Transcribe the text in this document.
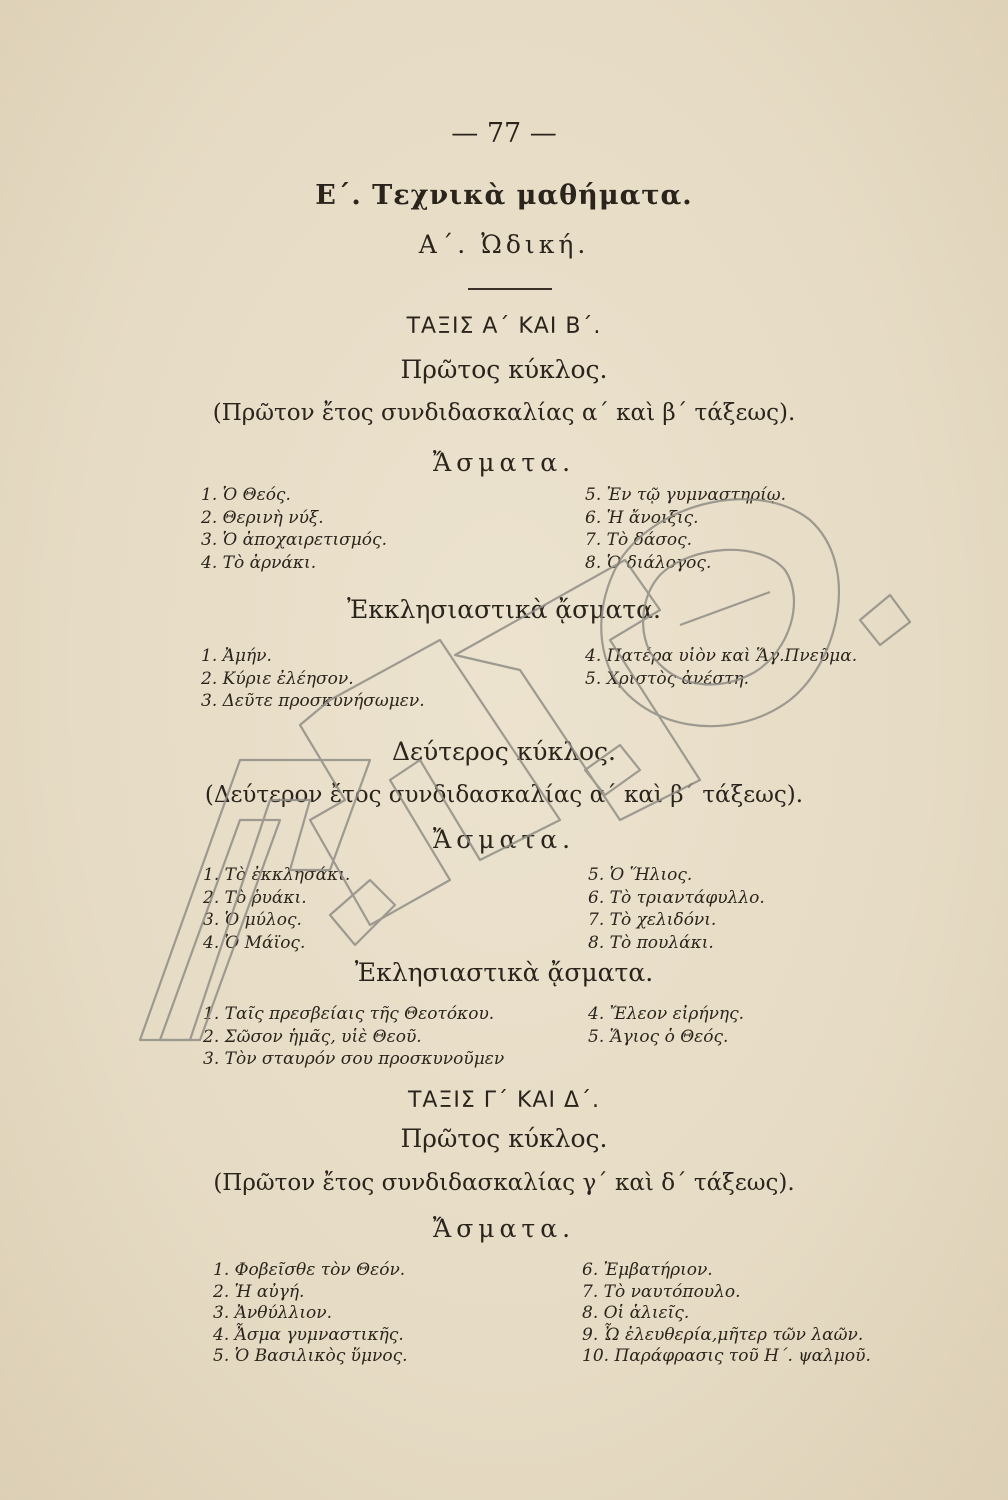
— 77 —
Ε΄. Τεχνικὰ μαθήματα.
Α΄. Ὠδική.
ΤΑΞΙΣ Α΄ ΚΑΙ Β΄.
Πρῶτος κύκλος.
(Πρῶτον ἔτος συνδιδασκαλίας α΄ καὶ β΄ τάξεως).
Ἄσματα.
1. Ὁ Θεός.
2. Θερινὴ νύξ.
3. Ὁ ἀποχαιρετισμός.
4. Τὸ ἀρνάκι.
5. Ἐν τῷ γυμναστηρίῳ.
6. Ἡ ἄνοιξις.
7. Τὸ δάσος.
8. Ὁ διάλογος.
Ἐκκλησιαστικὰ ᾄσματα.
1. Ἀμήν.
2. Κύριε ἐλέησον.
3. Δεῦτε προσκυνήσωμεν.
4. Πατέρα υἱὸν καὶ Ἅγ.Πνεῦμα.
5. Χριστὸς ἀνέστη.
Δεύτερος κύκλος.
(Δεύτερον ἔτος συνδιδασκαλίας α΄ καὶ β΄ τάξεως).
Ἄσματα.
1. Τὸ ἐκκλησάκι.
2. Τὸ ῥυάκι.
3. Ὁ μύλος.
4. Ὁ Μάϊος.
5. Ὁ Ἥλιος.
6. Τὸ τριαντάφυλλο.
7. Τὸ χελιδόνι.
8. Τὸ πουλάκι.
Ἐκλησιαστικὰ ᾄσματα.
1. Ταῖς πρεσβείαις τῆς Θεοτόκου.
2. Σῶσον ἡμᾶς, υἱὲ Θεοῦ.
3. Τὸν σταυρόν σου προσκυνοῦμεν
4. Ἔλεον εἰρήνης.
5. Ἅγιος ὁ Θεός.
ΤΑΞΙΣ Γ΄ ΚΑΙ Δ΄.
Πρῶτος κύκλος.
(Πρῶτον ἔτος συνδιδασκαλίας γ΄ καὶ δ΄ τάξεως).
Ἄσματα.
1. Φοβεῖσθε τὸν Θεόν.
2. Ἡ αὐγή.
3. Ἀνθύλλιον.
4. Ἆσμα γυμναστικῆς.
5. Ὁ Βασιλικὸς ὕμνος.
6. Ἐμβατήριον.
7. Τὸ ναυτόπουλο.
8. Οἱ ἁλιεῖς.
9. Ὦ ἐλευθερία,μῆτερ τῶν λαῶν.
10. Παράφρασις τοῦ Η΄. ψαλμοῦ.
